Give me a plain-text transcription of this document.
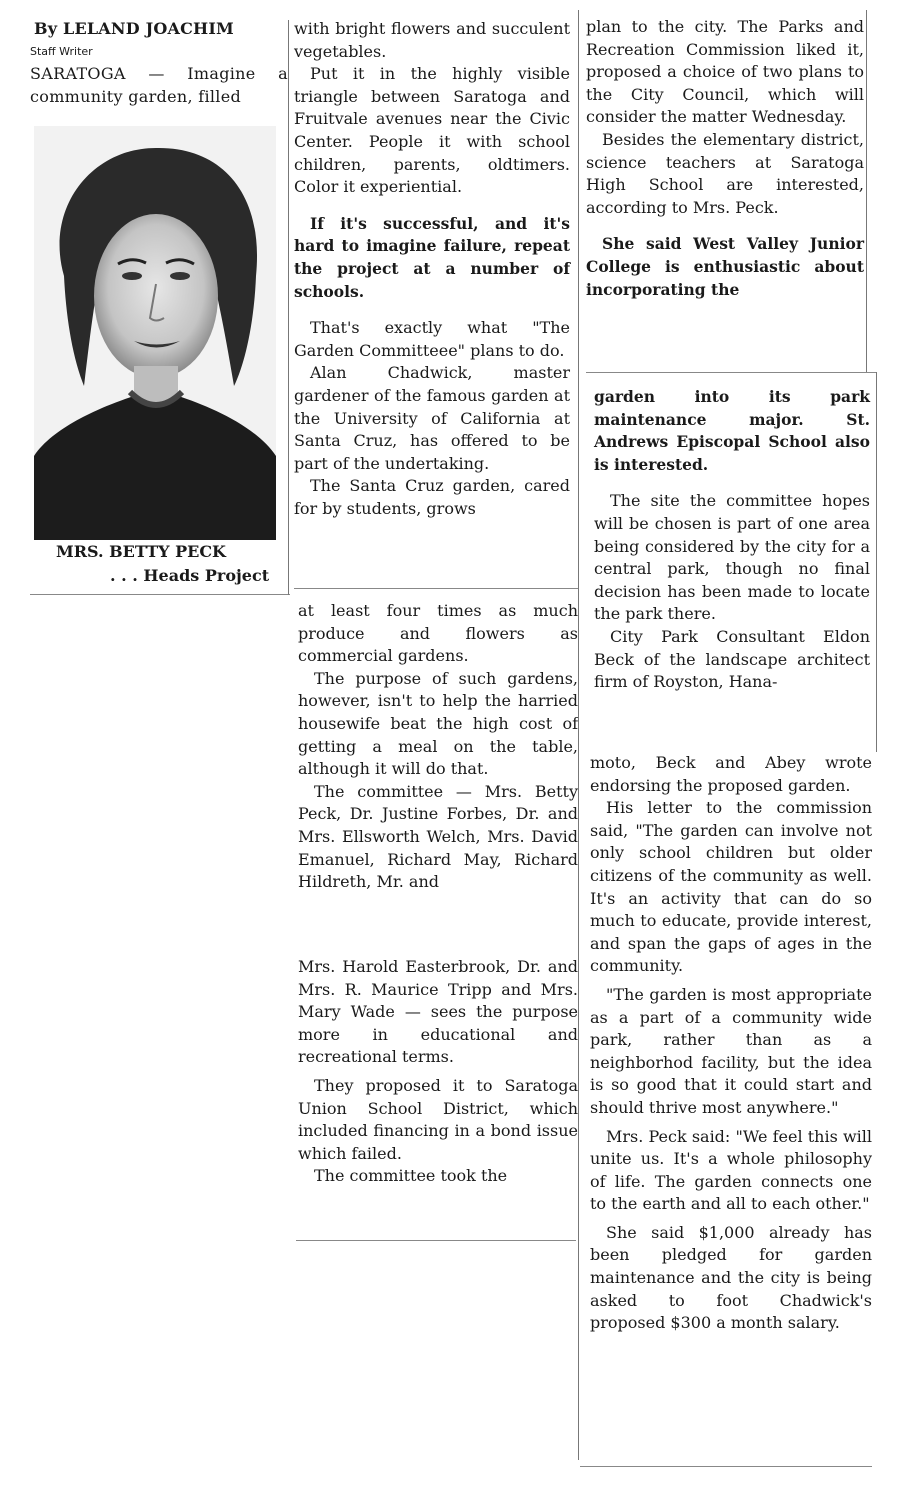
By LELAND JOACHIM

Staff Writer

SARATOGA — Imagine a community garden, filled

MRS. BETTY PECK
. . . Heads Project

with bright flowers and succulent vegetables.

Put it in the highly visible triangle between Saratoga and Fruitvale avenues near the Civic Center. People it with school children, parents, oldtimers. Color it experiential.

If it's successful, and it's hard to imagine failure, repeat the project at a number of schools.

That's exactly what "The Garden Committeee" plans to do.

Alan Chadwick, master gardener of the famous garden at the University of California at Santa Cruz, has offered to be part of the undertaking.

The Santa Cruz garden, cared for by students, grows

at least four times as much produce and flowers as commercial gardens.

The purpose of such gardens, however, isn't to help the harried housewife beat the high cost of getting a meal on the table, although it will do that.

The committee — Mrs. Betty Peck, Dr. Justine Forbes, Dr. and Mrs. Ellsworth Welch, Mrs. David Emanuel, Richard May, Richard Hildreth, Mr. and

Mrs. Harold Easterbrook, Dr. and Mrs. R. Maurice Tripp and Mrs. Mary Wade — sees the purpose more in educational and recreational terms.

They proposed it to Saratoga Union School District, which included financing in a bond issue which failed.

The committee took the

plan to the city. The Parks and Recreation Commission liked it, proposed a choice of two plans to the City Council, which will consider the matter Wednesday.

Besides the elementary district, science teachers at Saratoga High School are interested, according to Mrs. Peck.

She said West Valley Junior College is enthusiastic about incorporating the

garden into its park maintenance major. St. Andrews Episcopal School also is interested.

The site the committee hopes will be chosen is part of one area being considered by the city for a central park, though no final decision has been made to locate the park there.

City Park Consultant Eldon Beck of the landscape architect firm of Royston, Hana-

moto, Beck and Abey wrote endorsing the proposed garden.

His letter to the commission said, "The garden can involve not only school children but older citizens of the community as well. It's an activity that can do so much to educate, provide interest, and span the gaps of ages in the community.

"The garden is most appropriate as a part of a community wide park, rather than as a neighborhod facility, but the idea is so good that it could start and should thrive most anywhere."

Mrs. Peck said: "We feel this will unite us. It's a whole philosophy of life. The garden connects one to the earth and all to each other."

She said $1,000 already has been pledged for garden maintenance and the city is being asked to foot Chadwick's proposed $300 a month salary.
